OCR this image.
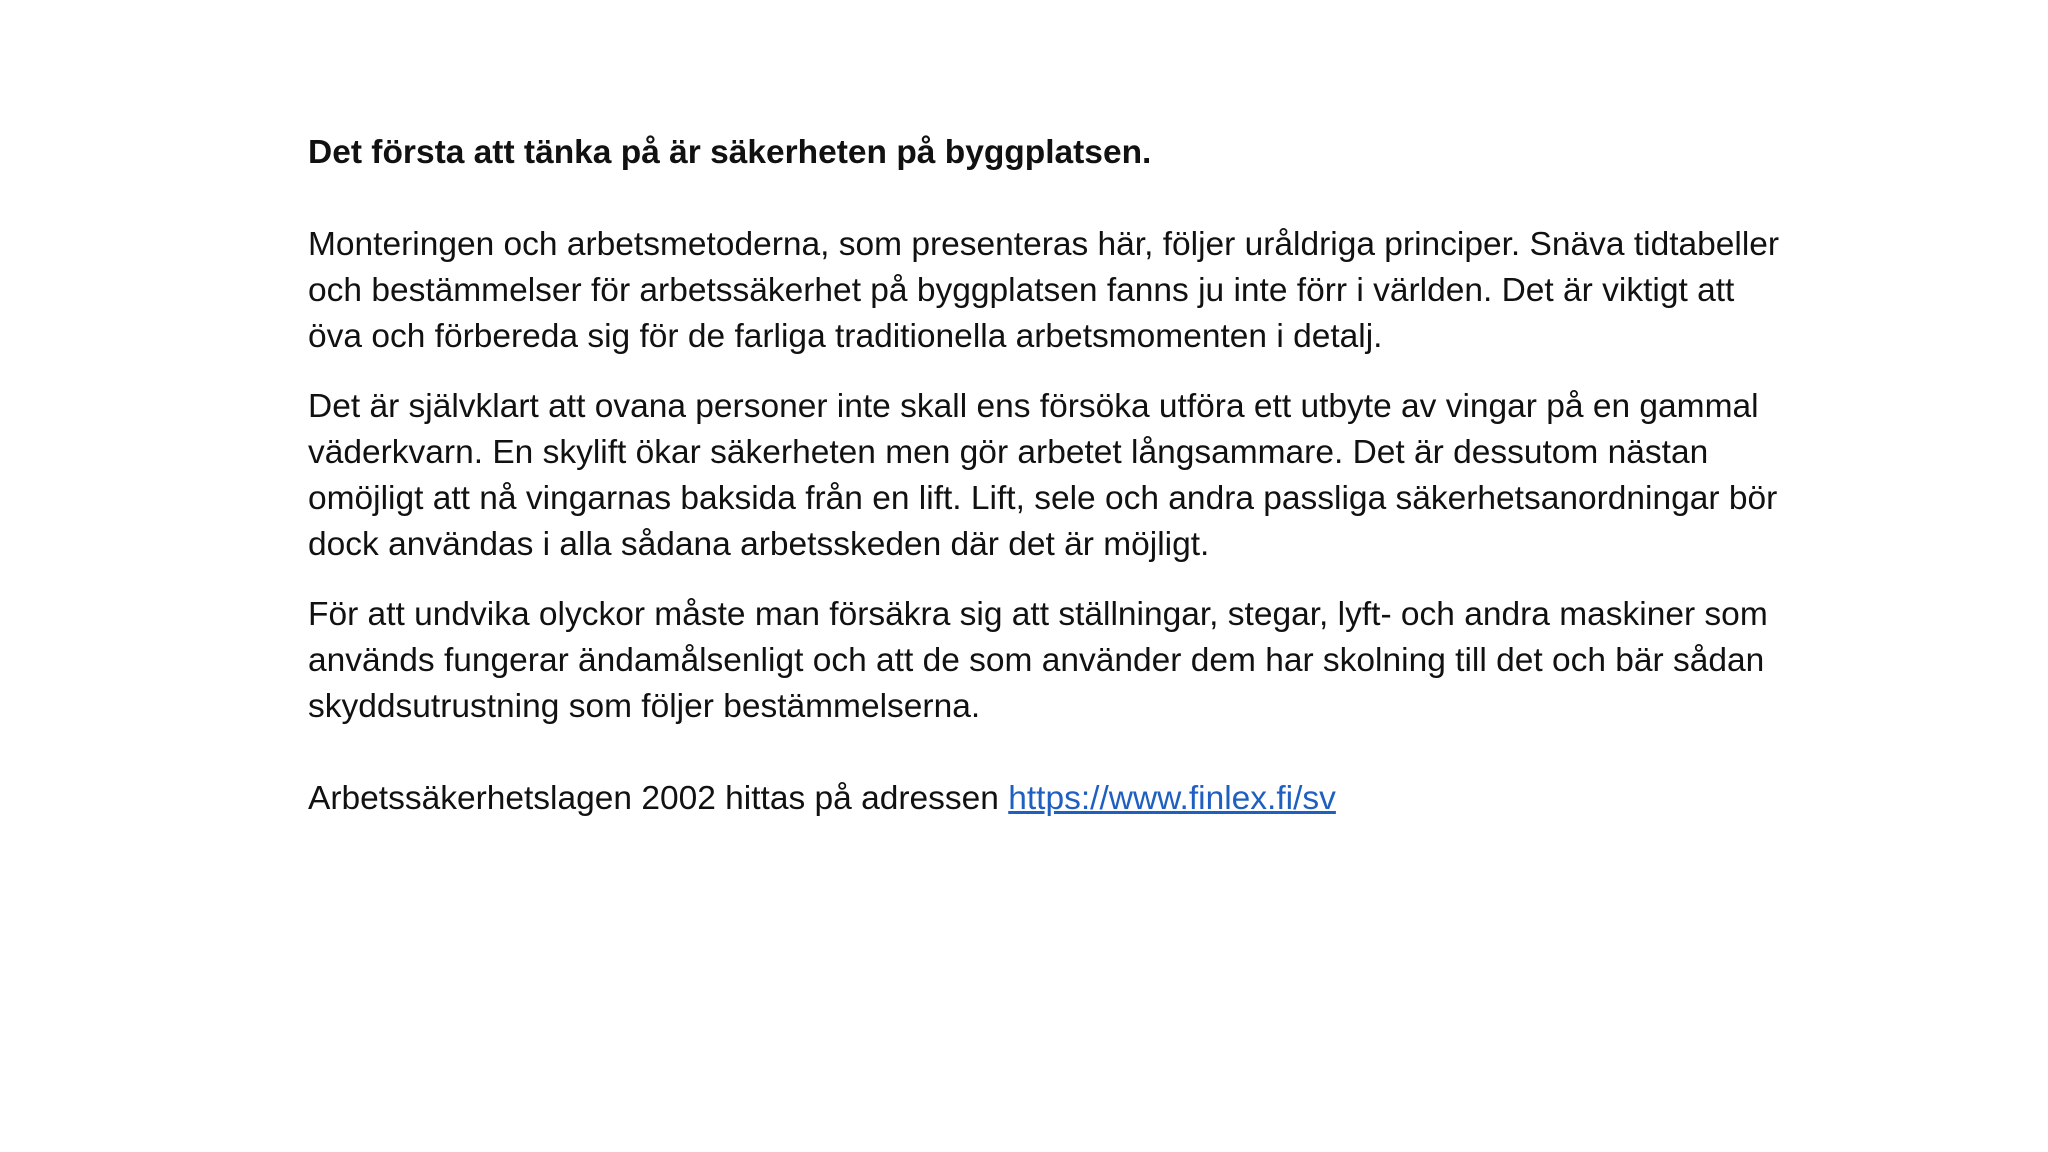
Det första att tänka på är säkerheten på byggplatsen.

Monteringen och arbetsmetoderna, som presenteras här, följer uråldriga principer. Snäva tidtabeller
och bestämmelser för arbetssäkerhet på byggplatsen fanns ju inte förr i världen. Det är viktigt att
öva och förbereda sig för de farliga traditionella arbetsmomenten i detalj.
Det är självklart att ovana personer inte skall ens försöka utföra ett utbyte av vingar på en gammal
väderkvarn. En skylift ökar säkerheten men gör arbetet långsammare. Det är dessutom nästan
omöjligt att nå vingarnas baksida från en lift. Lift, sele och andra passliga säkerhetsanordningar bör
dock användas i alla sådana arbetsskeden där det är möjligt.
För att undvika olyckor måste man försäkra sig att ställningar, stegar, lyft- och andra maskiner som
används fungerar ändamålsenligt och att de som använder dem har skolning till det och bär sådan
skyddsutrustning som följer bestämmelserna.

Arbetssäkerhetslagen 2002 hittas på adressen https://www.finlex.fi/sv
